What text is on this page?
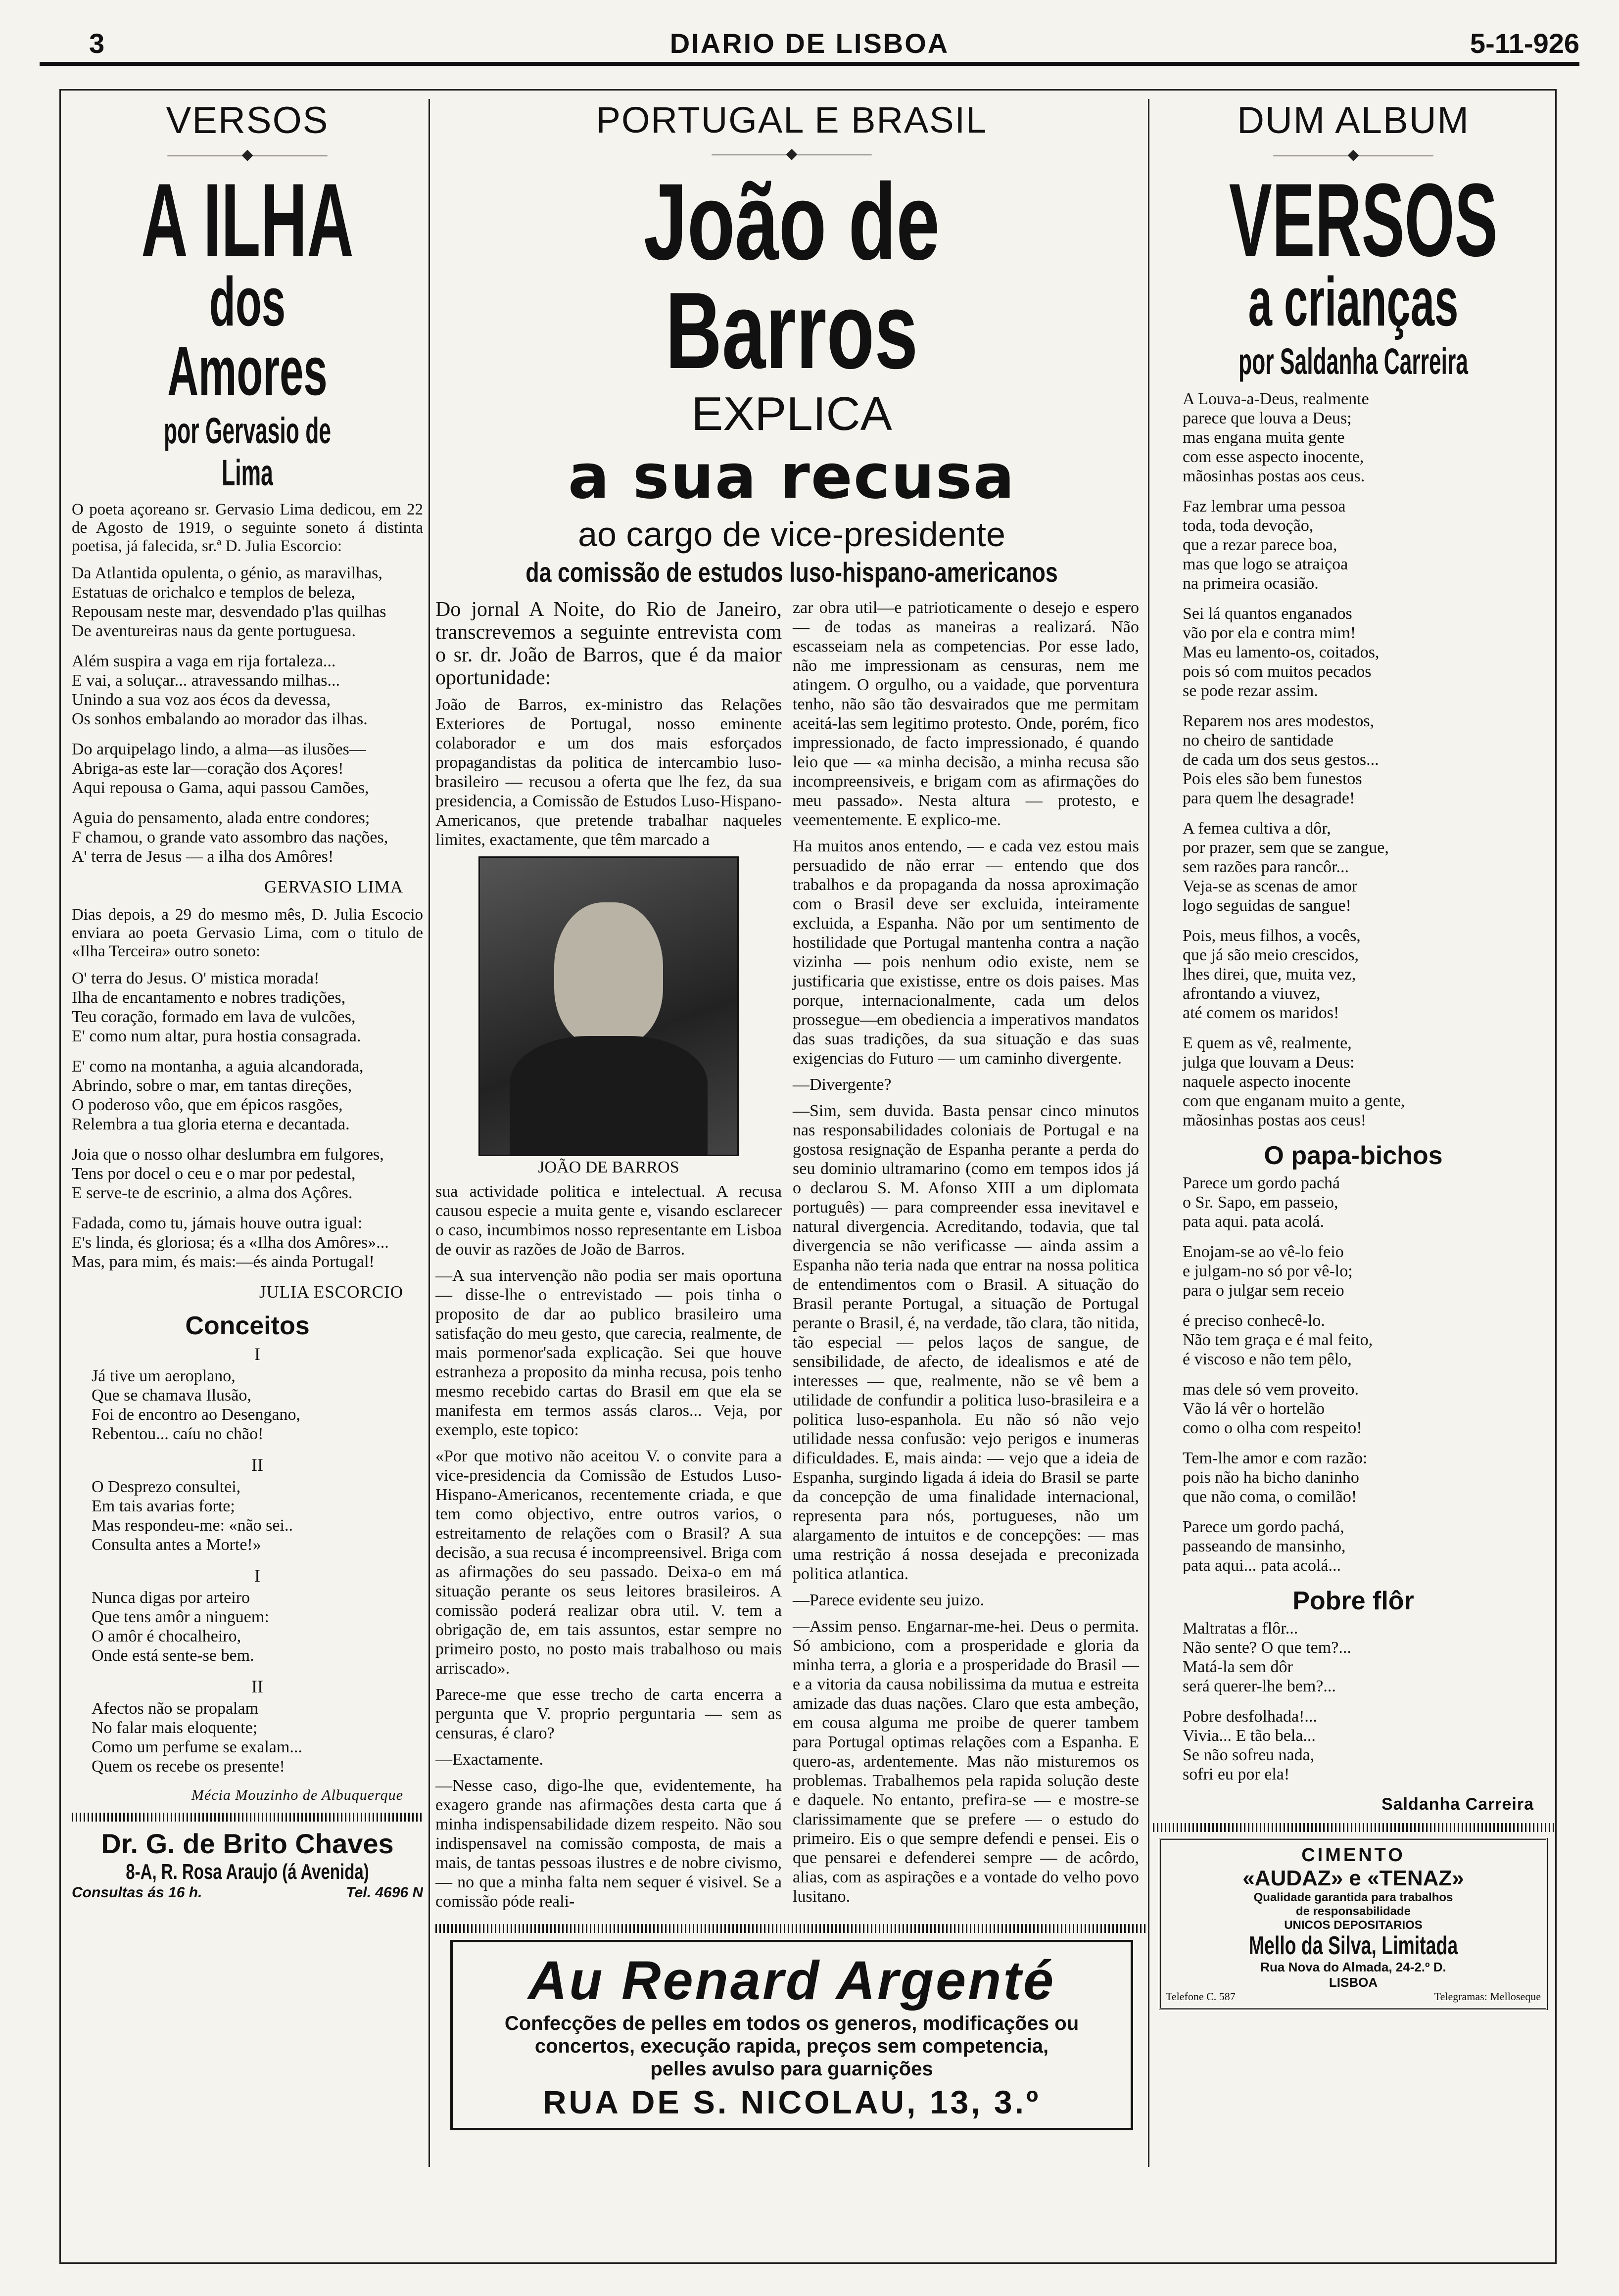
3	DIARIO DE LISBOA	5-11-926
VERSOS
—————◆—————
A ILHA
dos Amores
por Gervasio de Lima

O poeta açoreano sr. Gervasio Lima dedicou, em 22 de Agosto de 1919, o seguinte soneto á distinta poetisa, já falecida, sr.ª D. Julia Escorcio:

Da Atlantida opulenta, o génio, as maravilhas,
Estatuas de orichalco e templos de beleza,
Repousam neste mar, desvendado p'las quilhas
De aventureiras naus da gente portuguesa.
Além suspira a vaga em rija fortaleza...
E vai, a soluçar... atravessando milhas...
Unindo a sua voz aos écos da devessa,
Os sonhos embalando ao morador das ilhas.
Do arquipelago lindo, a alma—as ilusões—
Abriga-as este lar—coração dos Açores!
Aqui repousa o Gama, aqui passou Camões,
Aguia do pensamento, alada entre condores;
F chamou, o grande vato assombro das nações,
A' terra de Jesus — a ilha dos Amôres!
GERVASIO LIMA

Dias depois, a 29 do mesmo mês, D. Julia Escocio enviara ao poeta Gervasio Lima, com o titulo de «Ilha Terceira» outro soneto:

O' terra do Jesus. O' mistica morada!
Ilha de encantamento e nobres tradições,
Teu coração, formado em lava de vulcões,
E' como num altar, pura hostia consagrada.
E' como na montanha, a aguia alcandorada,
Abrindo, sobre o mar, em tantas direções,
O poderoso vôo, que em épicos rasgões,
Relembra a tua gloria eterna e decantada.
Joia que o nosso olhar deslumbra em fulgores,
Tens por docel o ceu e o mar por pedestal,
E serve-te de escrinio, a alma dos Açôres.
Fadada, como tu, jámais houve outra igual:
E's linda, és gloriosa; és a «Ilha dos Amôres»...
Mas, para mim, és mais:—és ainda Portugal!
JULIA ESCORCIO
Conceitos
I
Já tive um aeroplano,
Que se chamava Ilusão,
Foi de encontro ao Desengano,
Rebentou... caíu no chão!
II
O Desprezo consultei,
Em tais avarias forte;
Mas respondeu-me: «não sei..
Consulta antes a Morte!»
I
Nunca digas por arteiro
Que tens amôr a ninguem:
O amôr é chocalheiro,
Onde está sente-se bem.
II
Afectos não se propalam
No falar mais eloquente;
Como um perfume se exalam...
Quem os recebe os presente!
Mécia Mouzinho de Albuquerque
Dr. G. de Brito Chaves
8-A, R. Rosa Araujo (á Avenida)
Consultas ás 16 h.	Tel. 4696 N
PORTUGAL E BRASIL
—————◆—————
João de Barros
EXPLICA
a sua recusa
ao cargo de vice-presidente
da comissão de estudos luso-hispano-americanos

Do jornal A Noite, do Rio de Janeiro, transcrevemos a seguinte entrevista com o sr. dr. João de Barros, que é da maior oportunidade:

João de Barros, ex-ministro das Relações Exteriores de Portugal, nosso eminente colaborador e um dos mais esforçados propagandistas da politica de intercambio luso-brasileiro — recusou a oferta que lhe fez, da sua presidencia, a Comissão de Estudos Luso-Hispano-Americanos, que pretende trabalhar naqueles limites, exactamente, que têm marcado a

JOÃO DE BARROS

sua actividade politica e intelectual. A recusa causou especie a muita gente e, visando esclarecer o caso, incumbimos nosso representante em Lisboa de ouvir as razões de João de Barros.

—A sua intervenção não podia ser mais oportuna — disse-lhe o entrevistado — pois tinha o proposito de dar ao publico brasileiro uma satisfação do meu gesto, que carecia, realmente, de mais pormenor'sada explicação. Sei que houve estranheza a proposito da minha recusa, pois tenho mesmo recebido cartas do Brasil em que ela se manifesta em termos assás claros... Veja, por exemplo, este topico:

«Por que motivo não aceitou V. o convite para a vice-presidencia da Comissão de Estudos Luso-Hispano-Americanos, recentemente criada, e que tem como objectivo, entre outros varios, o estreitamento de relações com o Brasil? A sua decisão, a sua recusa é incompreensivel. Briga com as afirmações do seu passado. Deixa-o em má situação perante os seus leitores brasileiros. A comissão poderá realizar obra util. V. tem a obrigação de, em tais assuntos, estar sempre no primeiro posto, no posto mais trabalhoso ou mais arriscado».

Parece-me que esse trecho de carta encerra a pergunta que V. proprio perguntaria — sem as censuras, é claro?

—Exactamente.

—Nesse caso, digo-lhe que, evidentemente, ha exagero grande nas afirmações desta carta que á minha indispensabilidade dizem respeito. Não sou indispensavel na comissão composta, de mais a mais, de tantas pessoas ilustres e de nobre civismo, — no que a minha falta nem sequer é visivel. Se a comissão póde reali-

zar obra util—e patrioticamente o desejo e espero— de todas as maneiras a realizará. Não escasseiam nela as competencias. Por esse lado, não me impressionam as censuras, nem me atingem. O orgulho, ou a vaidade, que porventura tenho, não são tão desvairados que me permitam aceitá-las sem legitimo protesto. Onde, porém, fico impressionado, de facto impressionado, é quando leio que — «a minha decisão, a minha recusa são incompreensiveis, e brigam com as afirmações do meu passado». Nesta altura — protesto, e veementemente. E explico-me.

Ha muitos anos entendo, — e cada vez estou mais persuadido de não errar — entendo que dos trabalhos e da propaganda da nossa aproximação com o Brasil deve ser excluida, inteiramente excluida, a Espanha. Não por um sentimento de hostilidade que Portugal mantenha contra a nação vizinha — pois nenhum odio existe, nem se justificaria que existisse, entre os dois paises. Mas porque, internacionalmente, cada um delos prossegue—em obediencia a imperativos mandatos das suas tradições, da sua situação e das suas exigencias do Futuro — um caminho divergente.

—Divergente?

—Sim, sem duvida. Basta pensar cinco minutos nas responsabilidades coloniais de Portugal e na gostosa resignação de Espanha perante a perda do seu dominio ultramarino (como em tempos idos já o declarou S. M. Afonso XIII a um diplomata português) — para compreender essa inevitavel e natural divergencia. Acreditando, todavia, que tal divergencia se não verificasse — ainda assim a Espanha não teria nada que entrar na nossa politica de entendimentos com o Brasil. A situação do Brasil perante Portugal, a situação de Portugal perante o Brasil, é, na verdade, tão clara, tão nitida, tão especial — pelos laços de sangue, de sensibilidade, de afecto, de idealismos e até de interesses — que, realmente, não se vê bem a utilidade de confundir a politica luso-brasileira e a politica luso-espanhola. Eu não só não vejo utilidade nessa confusão: vejo perigos e inumeras dificuldades. E, mais ainda: — vejo que a ideia de Espanha, surgindo ligada á ideia do Brasil se parte da concepção de uma finalidade internacional, representa para nós, portugueses, não um alargamento de intuitos e de concepções: — mas uma restrição á nossa desejada e preconizada politica atlantica.

—Parece evidente seu juizo.

—Assim penso. Engarnar-me-hei. Deus o permita. Só ambiciono, com a prosperidade e gloria da minha terra, a gloria e a prosperidade do Brasil — e a vitoria da causa nobilissima da mutua e estreita amizade das duas nações. Claro que esta ambeção, em cousa alguma me proibe de querer tambem para Portugal optimas relações com a Espanha. E quero-as, ardentemente. Mas não misturemos os problemas. Trabalhemos pela rapida solução deste e daquele. No entanto, prefira-se — e mostre-se clarissimamente que se prefere — o estudo do primeiro. Eis o que sempre defendi e pensei. Eis o que pensarei e defenderei sempre — de acôrdo, alias, com as aspirações e a vontade do velho povo lusitano.

Au Renard Argenté
Confecções de pelles em todos os generos, modificações ou
concertos, execução rapida, preços sem competencia,
pelles avulso para guarnições
RUA DE S. NICOLAU, 13, 3.º
DUM ALBUM
—————◆—————
VERSOS
a crianças
por Saldanha Carreira
A Louva-a-Deus, realmente
parece que louva a Deus;
mas engana muita gente
com esse aspecto inocente,
mãosinhas postas aos ceus.
Faz lembrar uma pessoa
toda, toda devoção,
que a rezar parece boa,
mas que logo se atraiçoa
na primeira ocasião.
Sei lá quantos enganados
vão por ela e contra mim!
Mas eu lamento-os, coitados,
pois só com muitos pecados
se pode rezar assim.
Reparem nos ares modestos,
no cheiro de santidade
de cada um dos seus gestos...
Pois eles são bem funestos
para quem lhe desagrade!
A femea cultiva a dôr,
por prazer, sem que se zangue,
sem razões para rancôr...
Veja-se as scenas de amor
logo seguidas de sangue!
Pois, meus filhos, a vocês,
que já são meio crescidos,
lhes direi, que, muita vez,
afrontando a viuvez,
até comem os maridos!
E quem as vê, realmente,
julga que louvam a Deus:
naquele aspecto inocente
com que enganam muito a gente,
mãosinhas postas aos ceus!
O papa-bichos
Parece um gordo pachá
o Sr. Sapo, em passeio,
pata aqui. pata acolá.
Enojam-se ao vê-lo feio
e julgam-no só por vê-lo;
para o julgar sem receio
é preciso conhecê-lo.
Não tem graça e é mal feito,
é viscoso e não tem pêlo,
mas dele só vem proveito.
Vão lá vêr o hortelão
como o olha com respeito!
Tem-lhe amor e com razão:
pois não ha bicho daninho
que não coma, o comilão!
Parece um gordo pachá,
passeando de mansinho,
pata aqui... pata acolá...
Pobre flôr
Maltratas a flôr...
Não sente? O que tem?...
Matá-la sem dôr
será querer-lhe bem?...
Pobre desfolhada!...
Vivia... E tão bela...
Se não sofreu nada,
sofri eu por ela!
Saldanha Carreira
CIMENTO
«AUDAZ» e «TENAZ»
Qualidade garantida para trabalhos
de responsabilidade
UNICOS DEPOSITARIOS
Mello da Silva, Limitada
Rua Nova do Almada, 24-2.º D.
LISBOA
Telefone C. 587	Telegramas: Melloseque
